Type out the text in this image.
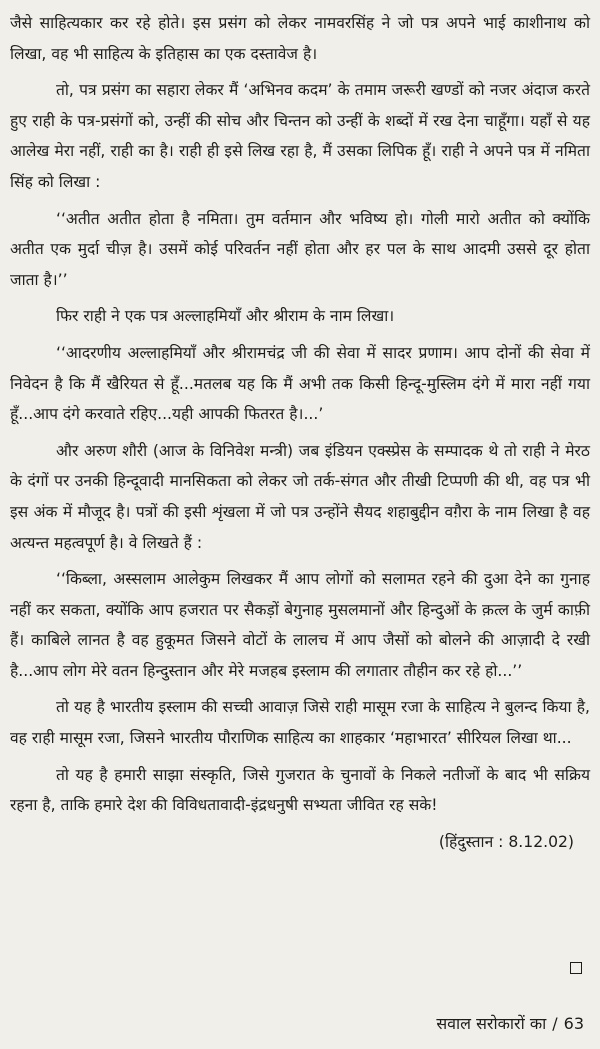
जैसे साहित्यकार कर रहे होते। इस प्रसंग को लेकर नामवरसिंह ने जो पत्र अपने भाई काशीनाथ को लिखा, वह भी साहित्य के इतिहास का एक दस्तावेज है।

तो, पत्र प्रसंग का सहारा लेकर मैं ‘अभिनव कदम’ के तमाम जरूरी खण्डों को नजर अंदाज करते हुए राही के पत्र-प्रसंगों को, उन्हीं की सोच और चिन्तन को उन्हीं के शब्दों में रख देना चाहूँगा। यहाँ से यह आलेख मेरा नहीं, राही का है। राही ही इसे लिख रहा है, मैं उसका लिपिक हूँ। राही ने अपने पत्र में नमिता सिंह को लिखा :

‘‘अतीत अतीत होता है नमिता। तुम वर्तमान और भविष्य हो। गोली मारो अतीत को क्योंकि अतीत एक मुर्दा चीज़ है। उसमें कोई परिवर्तन नहीं होता और हर पल के साथ आदमी उससे दूर होता जाता है।’’

फिर राही ने एक पत्र अल्लाहमियाँ और श्रीराम के नाम लिखा।

‘‘आदरणीय अल्लाहमियाँ और श्रीरामचंद्र जी की सेवा में सादर प्रणाम। आप दोनों की सेवा में निवेदन है कि मैं खैरियत से हूँ...मतलब यह कि मैं अभी तक किसी हिन्दू-मुस्लिम दंगे में मारा नहीं गया हूँ...आप दंगे करवाते रहिए...यही आपकी फितरत है।...’

और अरुण शौरी (आज के विनिवेश मन्त्री) जब इंडियन एक्स्प्रेस के सम्पादक थे तो राही ने मेरठ के दंगों पर उनकी हिन्दूवादी मानसिकता को लेकर जो तर्क-संगत और तीखी टिप्पणी की थी, वह पत्र भी इस अंक में मौजूद है। पत्रों की इसी शृंखला में जो पत्र उन्होंने सैयद शहाबुद्दीन वग़ैरा के नाम लिखा है वह अत्यन्त महत्वपूर्ण है। वे लिखते हैं :

‘‘किब्ला, अस्सलाम आलेकुम लिखकर मैं आप लोगों को सलामत रहने की दुआ देने का गुनाह नहीं कर सकता, क्योंकि आप हजरात पर सैकड़ों बेगुनाह मुसलमानों और हिन्दुओं के क़त्ल के जुर्म काफ़ी हैं। काबिले लानत है वह हुकूमत जिसने वोटों के लालच में आप जैसों को बोलने की आज़ादी दे रखी है...आप लोग मेरे वतन हिन्दुस्तान और मेरे मजहब इस्लाम की लगातार तौहीन कर रहे हो...’’

तो यह है भारतीय इस्लाम की सच्ची आवाज़ जिसे राही मासूम रजा के साहित्य ने बुलन्द किया है, वह राही मासूम रजा, जिसने भारतीय पौराणिक साहित्य का शाहकार ‘महाभारत’ सीरियल लिखा था...

तो यह है हमारी साझा संस्कृति, जिसे गुजरात के चुनावों के निकले नतीजों के बाद भी सक्रिय रहना है, ताकि हमारे देश की विविधतावादी-इंद्रधनुषी सभ्यता जीवित रह सके!

(हिंदुस्तान : 8.12.02)

सवाल सरोकारों का / 63
